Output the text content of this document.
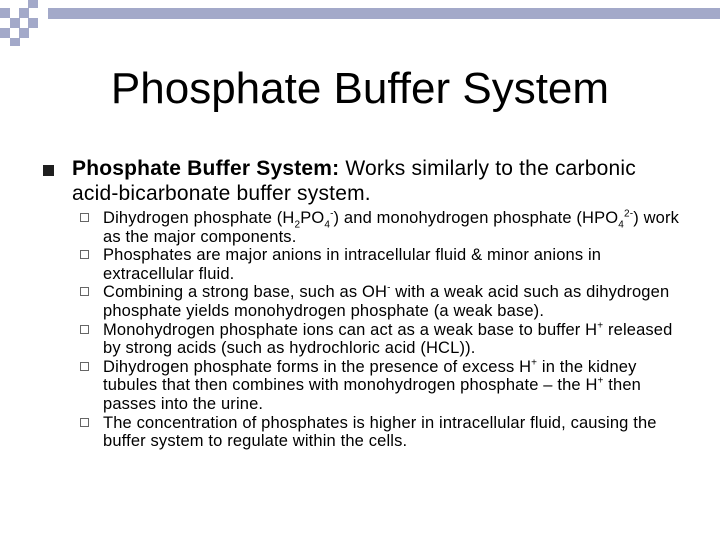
Phosphate Buffer System
Phosphate Buffer System: Works similarly to the carbonic acid-bicarbonate buffer system.
Dihydrogen phosphate $(H_2PO_4^-)$ and monohydrogen phosphate $(HPO_4^{2-})$ work as the major components.
Phosphates are major anions in intracellular fluid & minor anions in extracellular fluid.
Combining a strong base, such as OH- with a weak acid such as dihydrogen phosphate yields monohydrogen phosphate (a weak base).
Monohydrogen phosphate ions can act as a weak base to buffer H+ released by strong acids (such as hydrochloric acid (HCL)).
Dihydrogen phosphate forms in the presence of excess H+ in the kidney tubules that then combines with monohydrogen phosphate – the H+ then passes into the urine.
The concentration of phosphates is higher in intracellular fluid, causing the buffer system to regulate within the cells.
